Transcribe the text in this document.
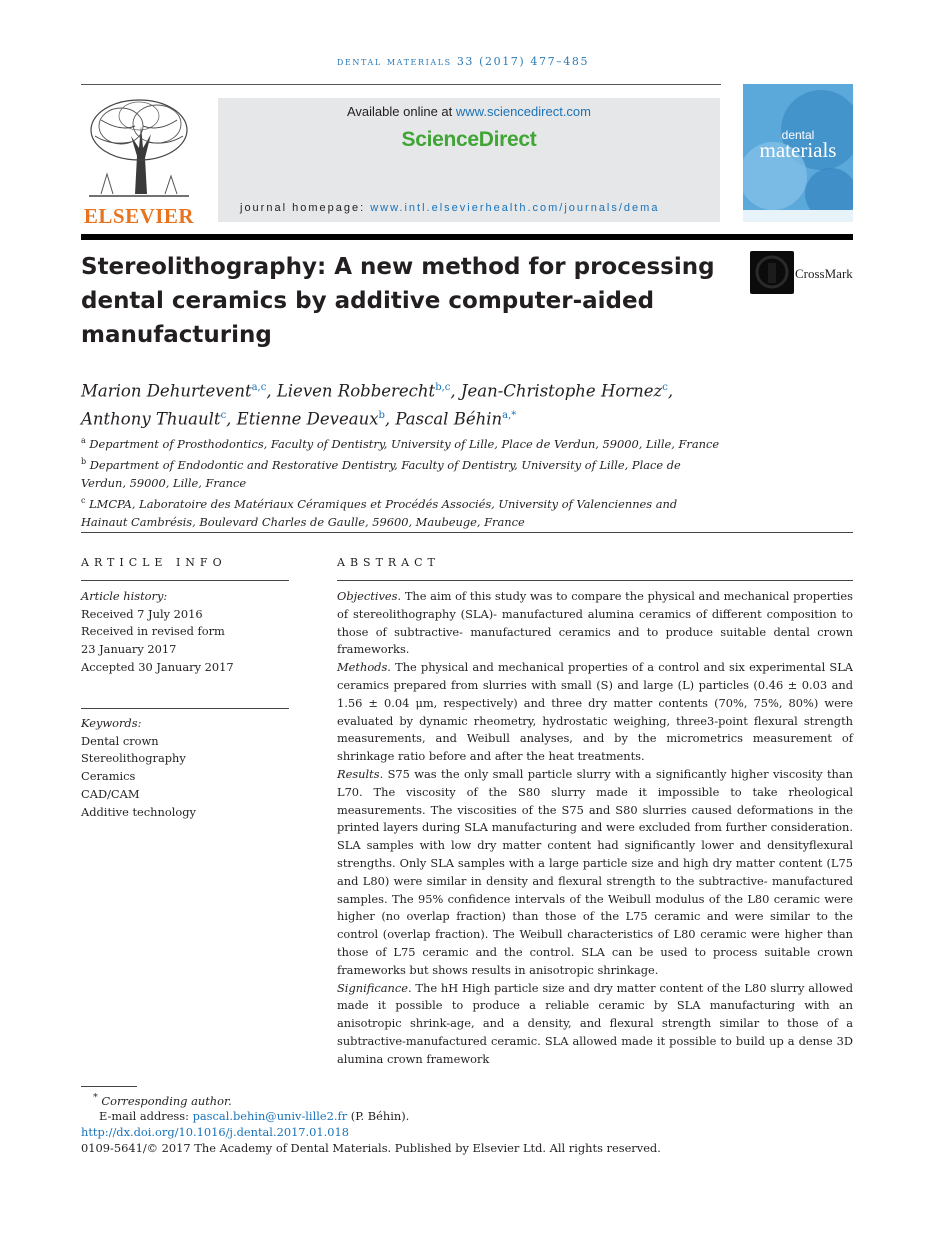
dental materials 33 (2017) 477–485
ELSEVIER
Available online at www.sciencedirect.com
ScienceDirect
journal homepage: www.intl.elsevierhealth.com/journals/dema
dental
materials
Stereolithography: A new method for processing dental ceramics by additive computer-aided manufacturing
CrossMark
Marion Dehurtevent$^{a,c}$, Lieven Robberecht$^{b,c}$, Jean-Christophe Hornez$^c$,
Anthony Thuault$^c$, Etienne Deveaux$^b$, Pascal Béhin$^{a,*}$
$^a$ Department of Prosthodontics, Faculty of Dentistry, University of Lille, Place de Verdun, 59000, Lille, France
$^b$ Department of Endodontic and Restorative Dentistry, Faculty of Dentistry, University of Lille, Place de Verdun, 59000, Lille, France
$^c$ LMCPA, Laboratoire des Matériaux Céramiques et Procédés Associés, University of Valenciennes and Hainaut Cambrésis, Boulevard Charles de Gaulle, 59600, Maubeuge, France
ARTICLE INFO	ABSTRACT
Article history:
Received 7 July 2016
Received in revised form
23 January 2017
Accepted 30 January 2017
Keywords:
Dental crown
Stereolithography
Ceramics
CAD/CAM
Additive technology

Objectives. The aim of this study was to compare the physical and mechanical properties of stereolithography (SLA)- manufactured alumina ceramics of different composition to those of subtractive- manufactured ceramics and to produce suitable dental crown frameworks.

Methods. The physical and mechanical properties of a control and six experimental SLA ceramics prepared from slurries with small (S) and large (L) particles (0.46 ± 0.03 and 1.56 ± 0.04 μm, respectively) and three dry matter contents (70%, 75%, 80%) were evaluated by dynamic rheometry, hydrostatic weighing, three3-point flexural strength measurements, and Weibull analyses, and by the micrometrics measurement of shrinkage ratio before and after the heat treatments.

Results. S75 was the only small particle slurry with a significantly higher viscosity than L70. The viscosity of the S80 slurry made it impossible to take rheological measurements. The viscosities of the S75 and S80 slurries caused deformations in the printed layers during SLA manufacturing and were excluded from further consideration. SLA samples with low dry matter content had significantly lower and densityflexural strengths. Only SLA samples with a large particle size and high dry matter content (L75 and L80) were similar in density and flexural strength to the subtractive- manufactured samples. The 95% confidence intervals of the Weibull modulus of the L80 ceramic were higher (no overlap fraction) than those of the L75 ceramic and were similar to the control (overlap fraction). The Weibull characteristics of L80 ceramic were higher than those of L75 ceramic and the control. SLA can be used to process suitable crown frameworks but shows results in anisotropic shrinkage.

Significance. The hH High particle size and dry matter content of the L80 slurry allowed made it possible to produce a reliable ceramic by SLA manufacturing with an anisotropic shrink-age, and a density, and flexural strength similar to those of a subtractive-manufactured ceramic. SLA allowed made it possible to build up a dense 3D alumina crown framework

* Corresponding author.
E-mail address: pascal.behin@univ-lille2.fr (P. Béhin).
http://dx.doi.org/10.1016/j.dental.2017.01.018
0109-5641/© 2017 The Academy of Dental Materials. Published by Elsevier Ltd. All rights reserved.
